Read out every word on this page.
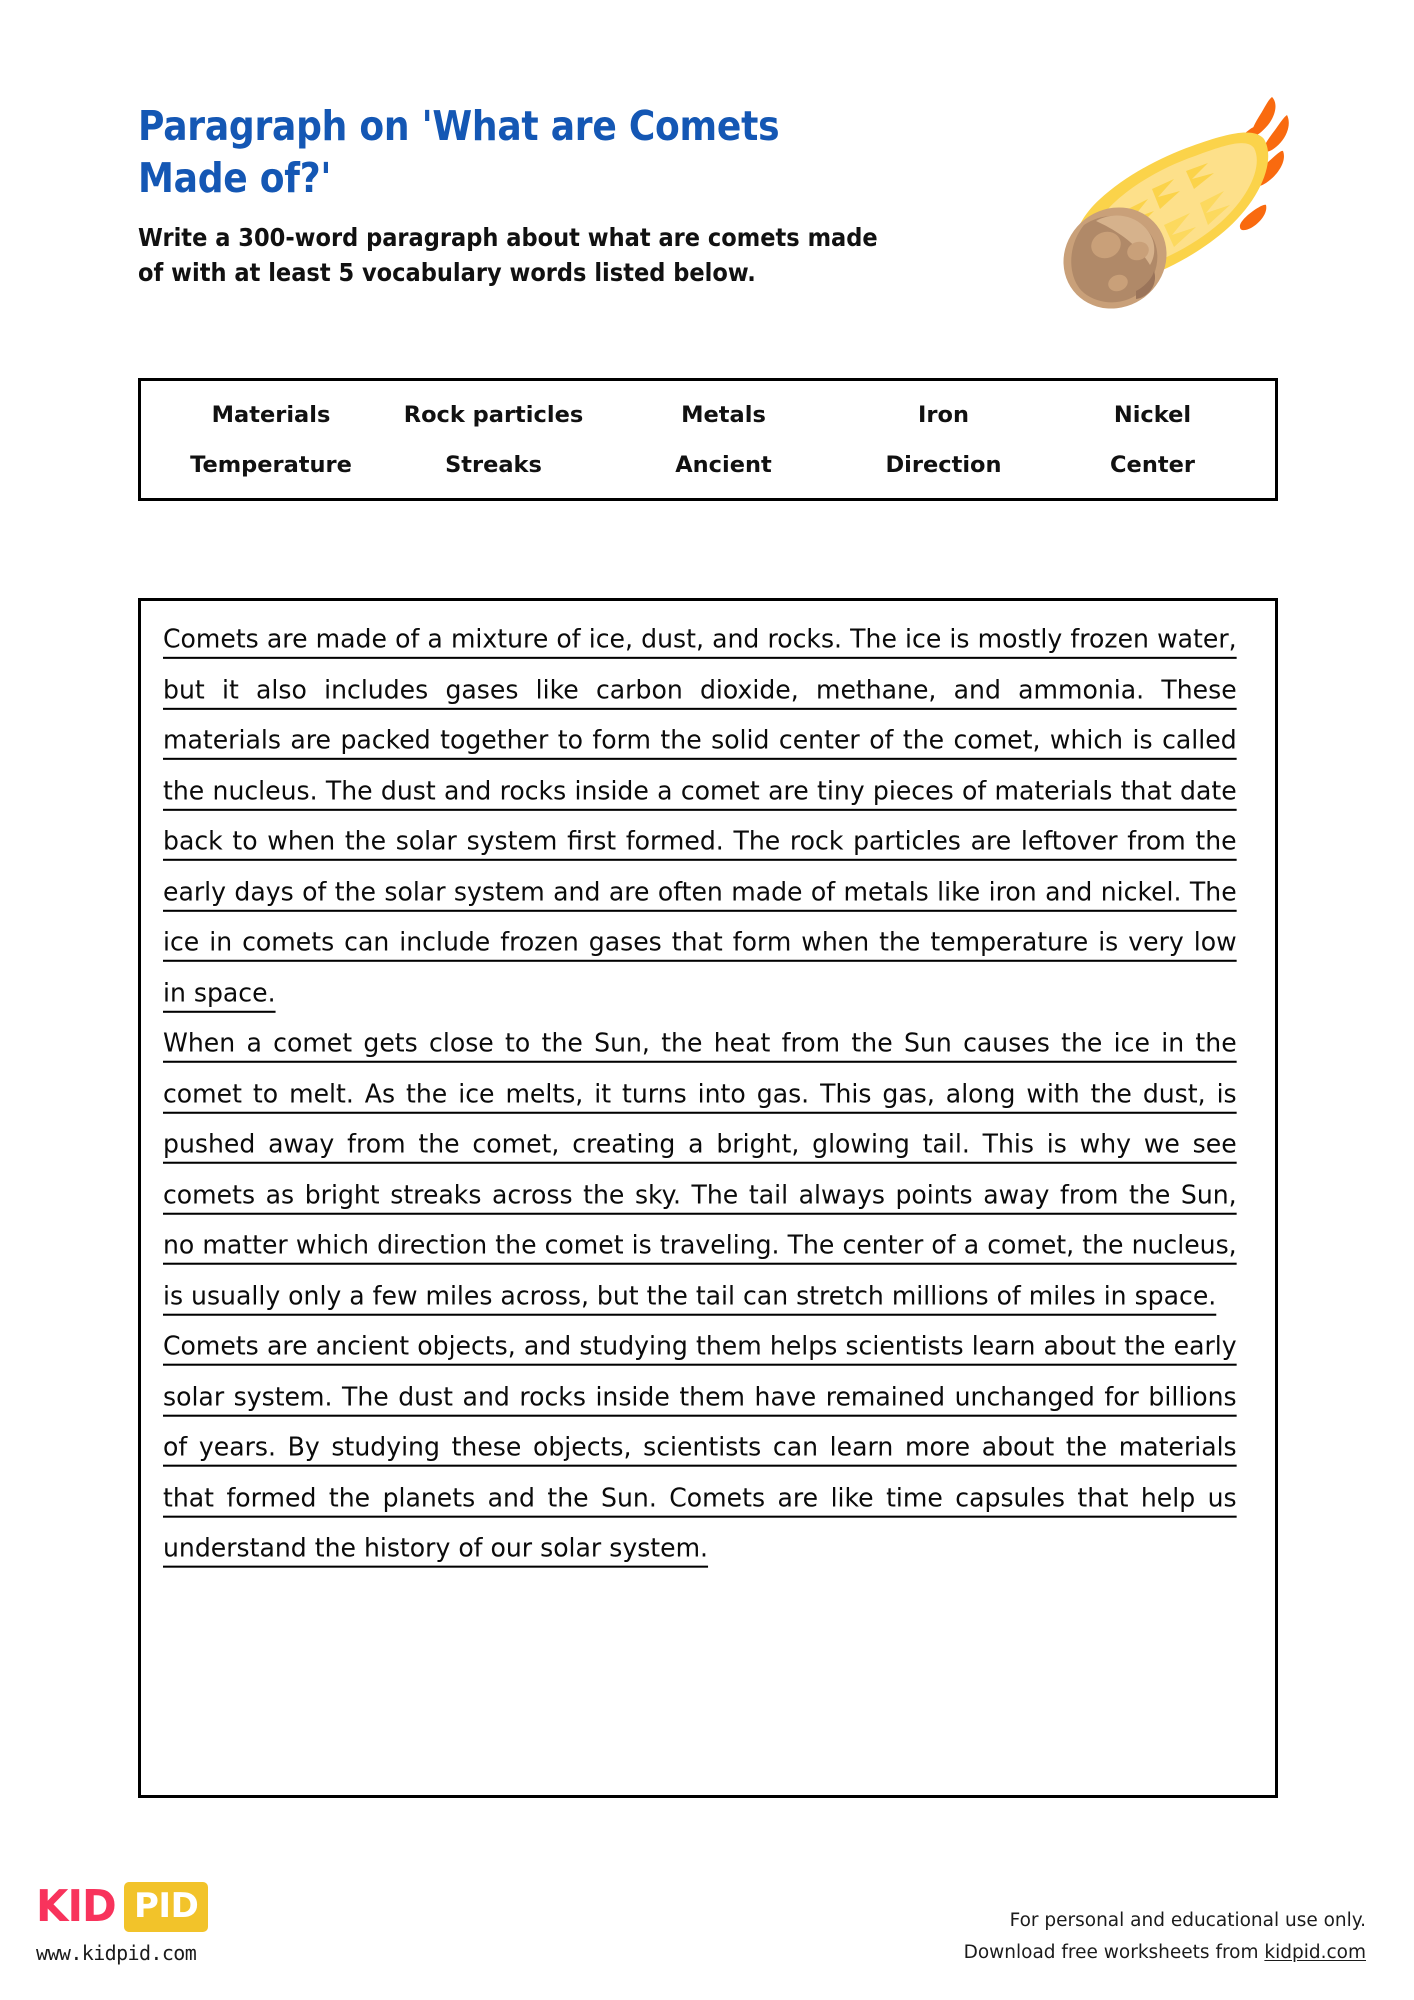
Paragraph on 'What are Comets Made of?'

Write a 300-word paragraph about what are comets made of with at least 5 vocabulary words listed below.

Materials	Rock particles	Metals	Iron	Nickel
Temperature	Streaks	Ancient	Direction	Center
Comets are made of a mixture of ice, dust, and rocks. The ice is mostly frozen water, but it also includes gases like carbon dioxide, methane, and ammonia. These materials are packed together to form the solid center of the comet, which is called the nucleus. The dust and rocks inside a comet are tiny pieces of materials that date back to when the solar system first formed. The rock particles are leftover from the early days of the solar system and are often made of metals like iron and nickel. The ice in comets can include frozen gases that form when the temperature is very low in space.
When a comet gets close to the Sun, the heat from the Sun causes the ice in the comet to melt. As the ice melts, it turns into gas. This gas, along with the dust, is pushed away from the comet, creating a bright, glowing tail. This is why we see comets as bright streaks across the sky. The tail always points away from the Sun, no matter which direction the comet is traveling. The center of a comet, the nucleus, is usually only a few miles across, but the tail can stretch millions of miles in space.
Comets are ancient objects, and studying them helps scientists learn about the early solar system. The dust and rocks inside them have remained unchanged for billions of years. By studying these objects, scientists can learn more about the materials that formed the planets and the Sun. Comets are like time capsules that help us understand the history of our solar system.
KID PID
www.kidpid.com
For personal and educational use only.
Download free worksheets from kidpid.com
